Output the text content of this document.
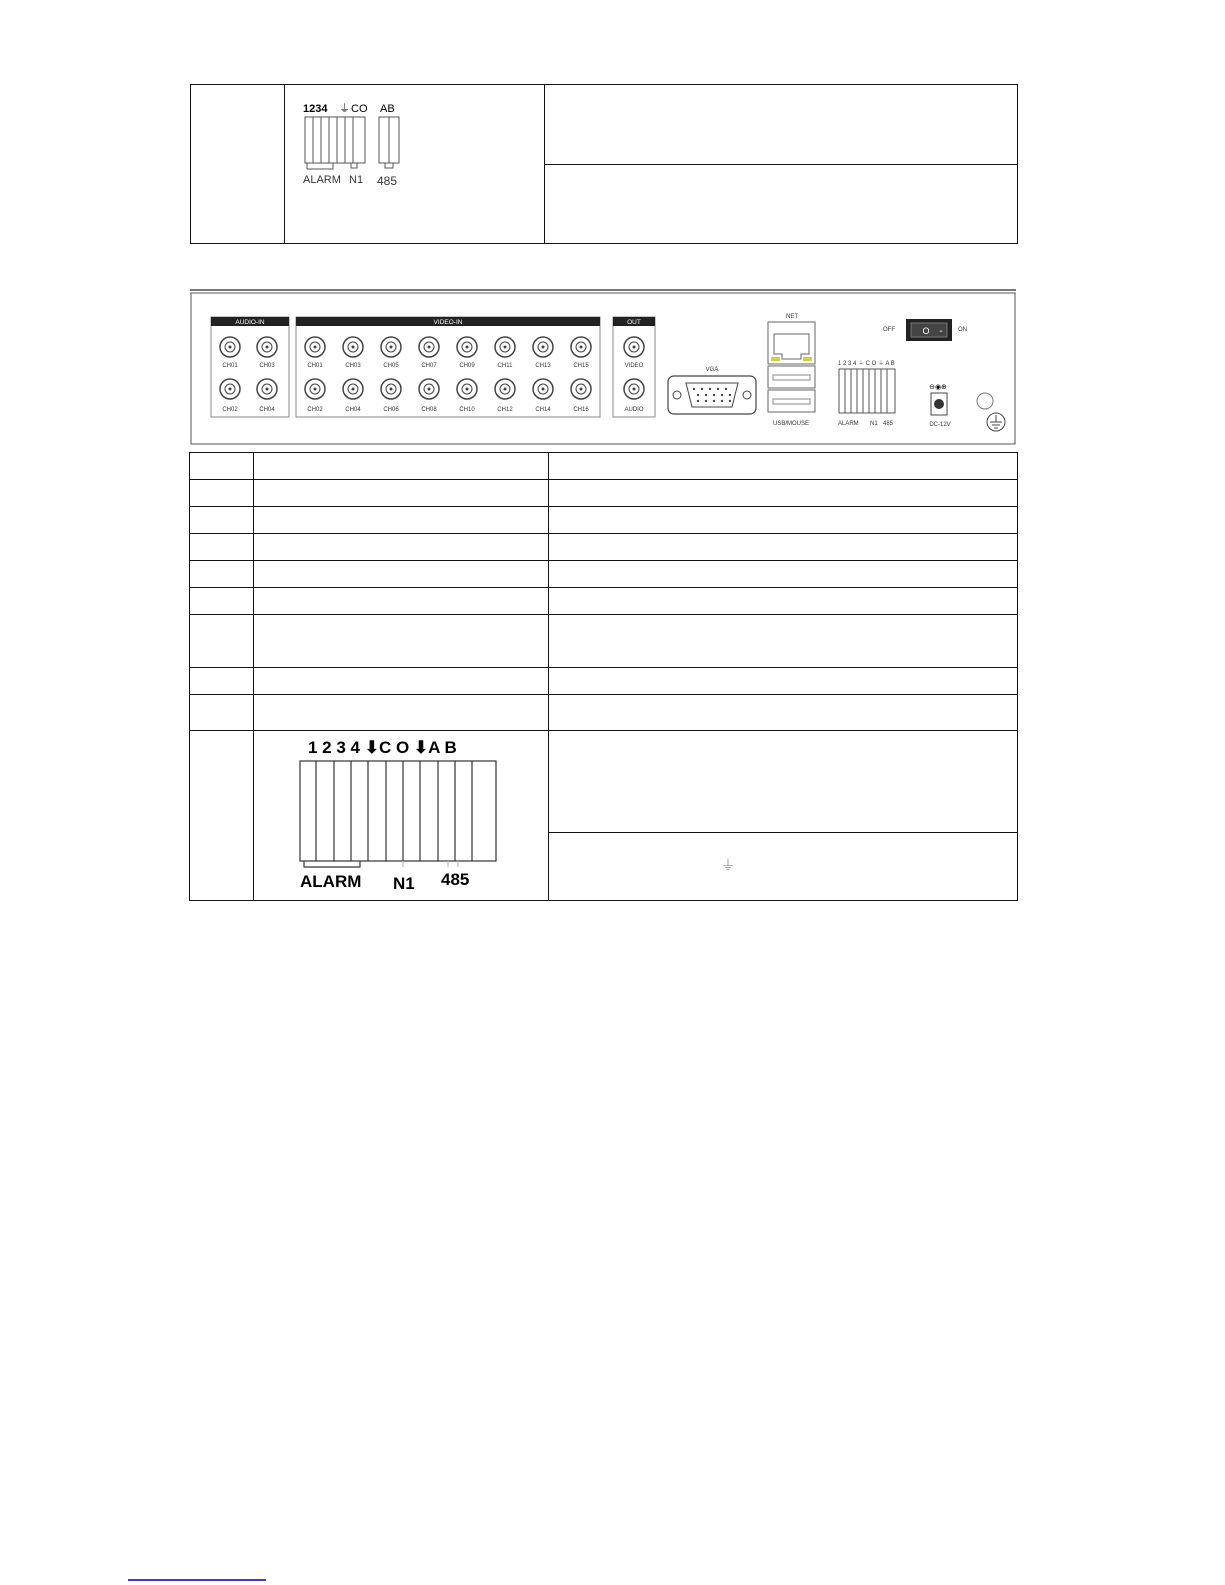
1234 ⏚ CO AB
ALARM N1 485

AUDIO-IN
CH01	CH03
CH02	CH04
VIDEO-IN
CH01	CH03	CH05	CH07	CH09	CH11	CH13	CH15
CH02	CH04	CH06	CH08	CH10	CH12	CH14	CH16
OUT
VIDEO
AUDIO
VGA
NET
USB/MOUSE
OFF	O -	ON
1 2 3 4 ⏚ C O ⏚ A B
ALARM N1 485
⊖◉⊕
DC-12V

1 2 3 4 ⬇C O ⬇A B
ALARM N1 485	

		⏚
